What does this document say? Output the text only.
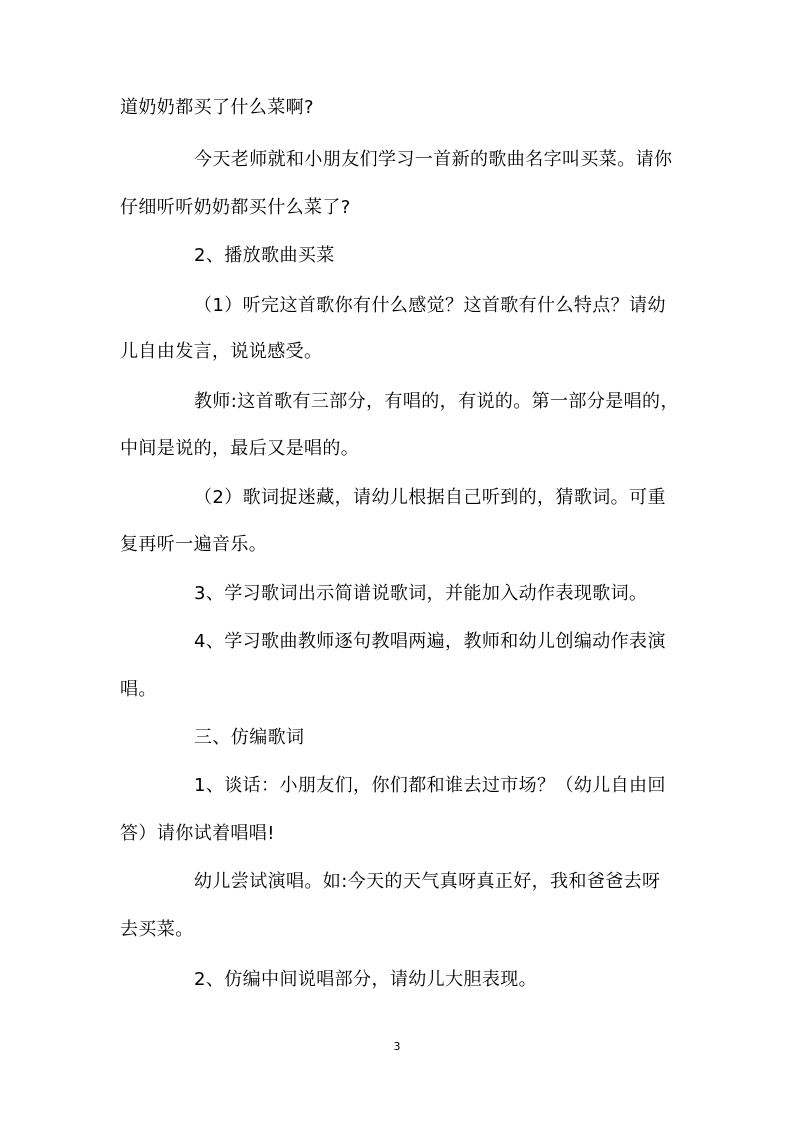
道奶奶都买了什么菜啊?
今天老师就和小朋友们学习一首新的歌曲名字叫买菜。请你
仔细听听奶奶都买什么菜了?
2、播放歌曲买菜
（1）听完这首歌你有什么感觉？这首歌有什么特点？请幼
儿自由发言，说说感受。
教师:这首歌有三部分，有唱的，有说的。第一部分是唱的，
中间是说的，最后又是唱的。
（2）歌词捉迷藏，请幼儿根据自己听到的，猜歌词。可重
复再听一遍音乐。
3、学习歌词出示简谱说歌词，并能加入动作表现歌词。
4、学习歌曲教师逐句教唱两遍，教师和幼儿创编动作表演
唱。
三、仿编歌词
1、谈话：小朋友们，你们都和谁去过市场？（幼儿自由回
答）请你试着唱唱!
幼儿尝试演唱。如:今天的天气真呀真正好，我和爸爸去呀
去买菜。
2、仿编中间说唱部分，请幼儿大胆表现。
3
